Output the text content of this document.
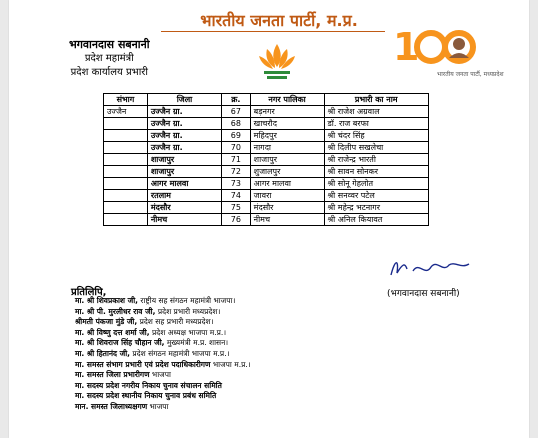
भारतीय जनता पार्टी, म.प्र.
भगवानदास सबनानी
प्रदेश महामंत्री
प्रदेश कार्यालय प्रभारी
1
भारतीय जनता पार्टी, मध्यप्रदेश
संभाग	जिला	क्र.	नगर पालिका	प्रभारी का नाम
उज्जैन	उज्जैन ग्रा.	67	बड़नगर	श्री राजेश अग्रवाल
	उज्जैन ग्रा.	68	खाचरौद	डॉ. राज बरफा
	उज्जैन ग्रा.	69	महिदपुर	श्री चंदर सिंह
	उज्जैन ग्रा.	70	नागदा	श्री दिलीप सखलेचा
	शाजापुर	71	शाजापुर	श्री राजेन्द्र भारती
	शाजापुर	72	शुजालपुर	श्री सावन सोनकर
	आगर मालवा	73	आगर मालवा	श्री सोनू गेहलोत
	रतलाम	74	जावरा	श्री सनव्वर पटेल
	मंदसौर	75	मंदसौर	श्री महेन्द्र भटनागर
	नीमच	76	नीमच	श्री अनिल कियावत
(भगवानदास सबनानी)
प्रतिलिपि,
मा. श्री शिवप्रकाश जी, राष्ट्रीय सह संगठन महामंत्री भाजपा।
मा. श्री पी. मुरलीधर राव जी, प्रदेश प्रभारी मध्यप्रदेश।
श्रीमती पंकजा मुंडे जी, प्रदेश सह प्रभारी मध्यप्रदेश।
मा. श्री विष्णु दत्त शर्मा जी, प्रदेश अध्यक्ष भाजपा म.प्र.।
मा. श्री शिवराज सिंह चौहान जी, मुख्यमंत्री म.प्र. शासन।
मा. श्री हितानंद जी, प्रदेश संगठन महामंत्री भाजपा म.प्र.।
मा. समस्त संभाग प्रभारी एवं प्रदेश पदाधिकारीगण भाजपा म.प्र.।
मा. समस्त जिला प्रभारीगण भाजपा
मा. सदस्य प्रदेश नगरीय निकाय चुनाव संचालन समिति
मा. सदस्य प्रदेश स्थानीय निकाय चुनाव प्रबंध समिति
मान. समस्त जिलाध्यक्षगण भाजपा
